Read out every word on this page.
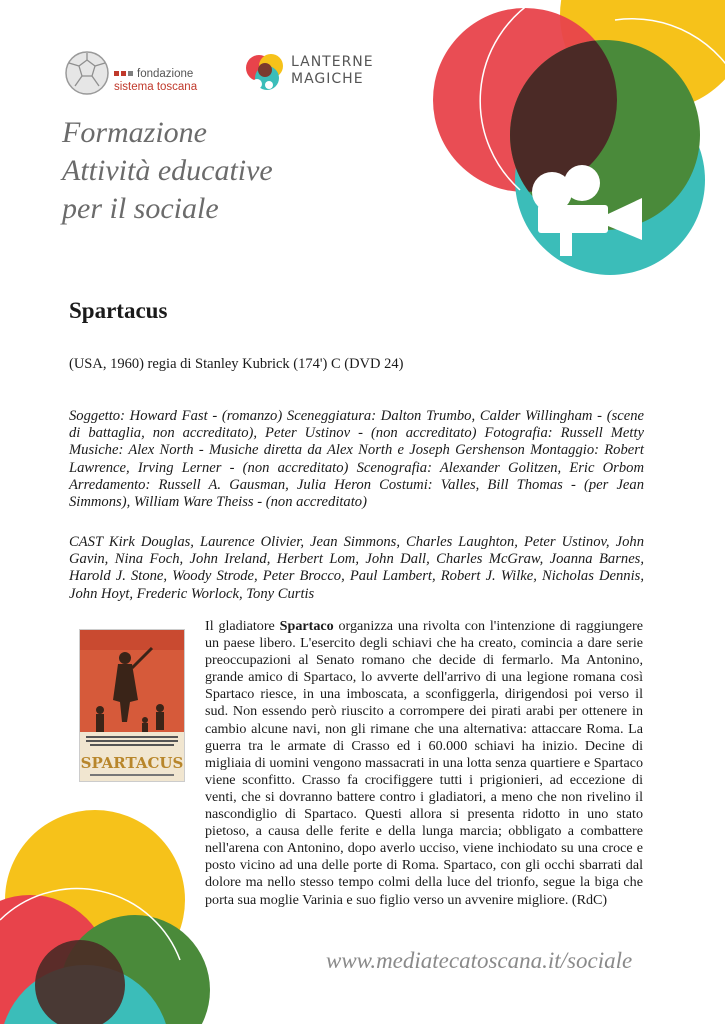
fondazione
sistema toscana
LANTERNE
MAGICHE
Formazione
Attività educative
per il sociale
Spartacus
(USA, 1960) regia di Stanley Kubrick (174') C (DVD 24)
Soggetto: Howard Fast - (romanzo) Sceneggiatura: Dalton Trumbo, Calder Willingham - (scene di battaglia, non accreditato), Peter Ustinov - (non accreditato) Fotografia: Russell Metty Musiche: Alex North - Musiche diretta da Alex North e Joseph Gershenson Montaggio: Robert Lawrence, Irving Lerner - (non accreditato) Scenografia: Alexander Golitzen, Eric Orbom Arredamento: Russell A. Gausman, Julia Heron Costumi: Valles, Bill Thomas - (per Jean Simmons), William Ware Theiss - (non accreditato)
CAST Kirk Douglas, Laurence Olivier, Jean Simmons, Charles Laughton, Peter Ustinov, John Gavin, Nina Foch, John Ireland, Herbert Lom, John Dall, Charles McGraw, Joanna Barnes, Harold J. Stone, Woody Strode, Peter Brocco, Paul Lambert, Robert J. Wilke, Nicholas Dennis, John Hoyt, Frederic Worlock, Tony Curtis
SPARTACUS
Il gladiatore Spartaco organizza una rivolta con l'intenzione di raggiungere un paese libero. L'esercito degli schiavi che ha creato, comincia a dare serie preoccupazioni al Senato romano che decide di fermarlo. Ma Antonino, grande amico di Spartaco, lo avverte dell'arrivo di una legione romana così Spartaco riesce, in una imboscata, a sconfiggerla, dirigendosi poi verso il sud. Non essendo però riuscito a corrompere dei pirati arabi per ottenere in cambio alcune navi, non gli rimane che una alternativa: attaccare Roma. La guerra tra le armate di Crasso ed i 60.000 schiavi ha inizio. Decine di migliaia di uomini vengono massacrati in una lotta senza quartiere e Spartaco viene sconfitto. Crasso fa crocifiggere tutti i prigionieri, ad eccezione di venti, che si dovranno battere contro i gladiatori, a meno che non rivelino il nascondiglio di Spartaco. Questi allora si presenta ridotto in uno stato pietoso, a causa delle ferite e della lunga marcia; obbligato a combattere nell'arena con Antonino, dopo averlo ucciso, viene inchiodato su una croce e posto vicino ad una delle porte di Roma. Spartaco, con gli occhi sbarrati dal dolore ma nello stesso tempo colmi della luce del trionfo, segue la biga che porta sua moglie Varinia e suo figlio verso un avvenire migliore. (RdC)
www.mediatecatoscana.it/sociale
